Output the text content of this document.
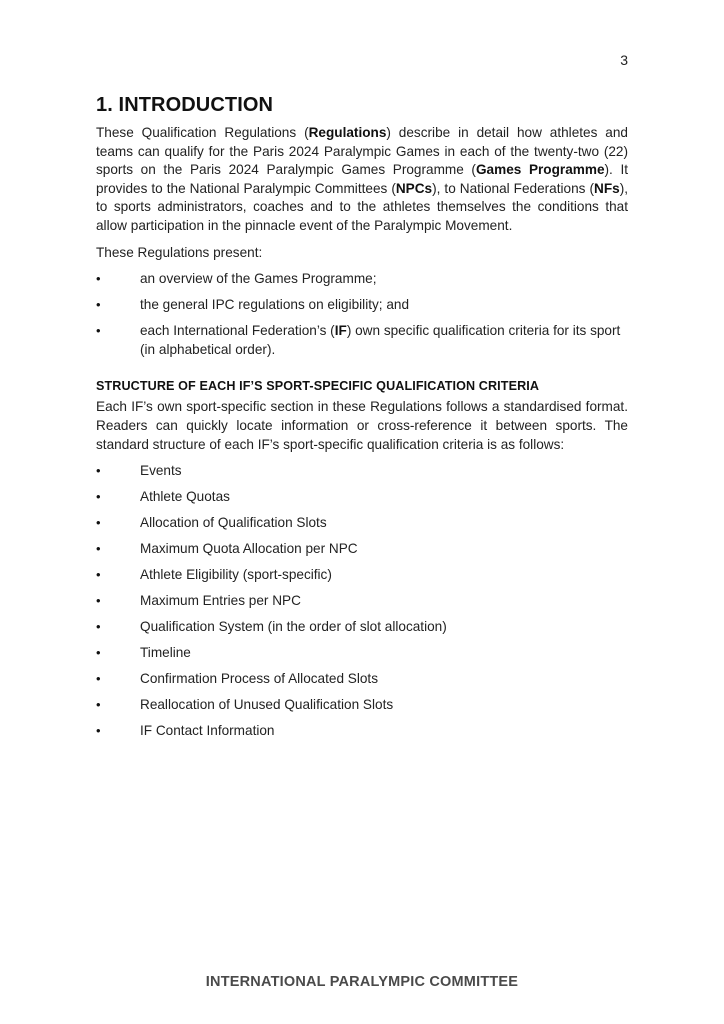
3
1. INTRODUCTION

These Qualification Regulations (Regulations) describe in detail how athletes and teams can qualify for the Paris 2024 Paralympic Games in each of the twenty-two (22) sports on the Paris 2024 Paralympic Games Programme (Games Programme). It provides to the National Paralympic Committees (NPCs), to National Federations (NFs), to sports administrators, coaches and to the athletes themselves the conditions that allow participation in the pinnacle event of the Paralympic Movement.

These Regulations present:

•	an overview of the Games Programme;
•	the general IPC regulations on eligibility; and
•	each International Federation’s (IF) own specific qualification criteria for its sport (in alphabetical order).
STRUCTURE OF EACH IF’S SPORT-SPECIFIC QUALIFICATION CRITERIA

Each IF’s own sport-specific section in these Regulations follows a standardised format. Readers can quickly locate information or cross-reference it between sports. The standard structure of each IF’s sport-specific qualification criteria is as follows:

•	Events
•	Athlete Quotas
•	Allocation of Qualification Slots
•	Maximum Quota Allocation per NPC
•	Athlete Eligibility (sport-specific)
•	Maximum Entries per NPC
•	Qualification System (in the order of slot allocation)
•	Timeline
•	Confirmation Process of Allocated Slots
•	Reallocation of Unused Qualification Slots
•	IF Contact Information
INTERNATIONAL PARALYMPIC COMMITTEE
